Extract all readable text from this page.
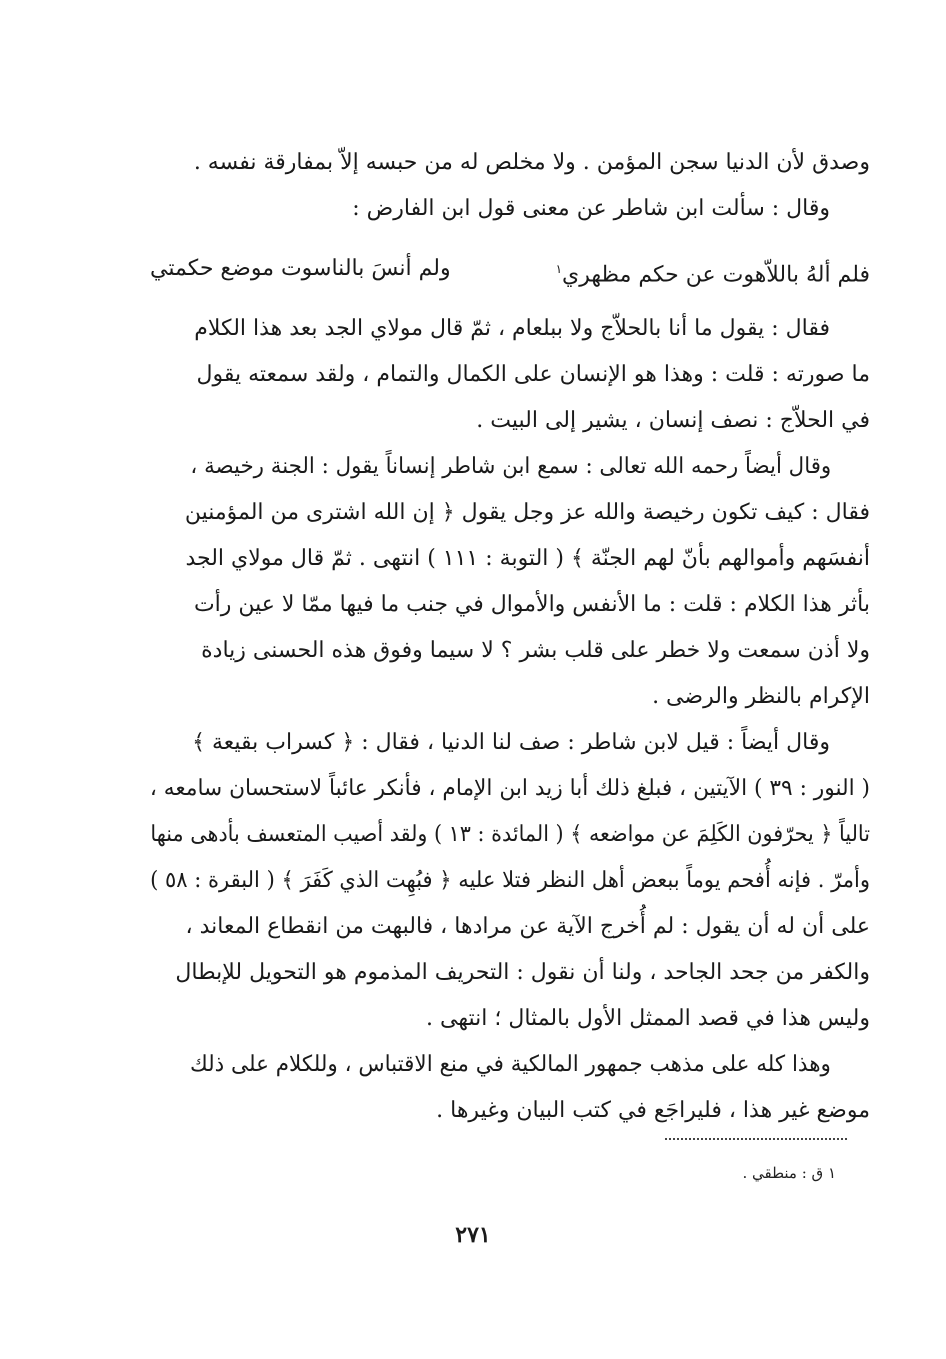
وصدق لأن الدنيا سجن المؤمن . ولا مخلص له من حبسه إلاّ بمفارقة نفسه .
وقال : سألت ابن شاطر عن معنى قول ابن الفارض :
فلم ألهُ باللاّهوت عن حكم مظهري$^١$
ولم أنسَ بالناسوت موضع حكمتي
فقال : يقول ما أنا بالحلاّج ولا ببلعام ، ثمّ قال مولاي الجد بعد هذا الكلام
ما صورته : قلت : وهذا هو الإنسان على الكمال والتمام ، ولقد سمعته يقول
في الحلاّج : نصف إنسان ، يشير إلى البيت .
وقال أيضاً رحمه الله تعالى : سمع ابن شاطر إنساناً يقول : الجنة رخيصة ،
فقال : كيف تكون رخيصة والله عز وجل يقول ﴿ إن الله اشترى من المؤمنين
أنفسَهم وأموالهم بأنّ لهم الجنّة ﴾ ( التوبة : ١١١ ) انتهى . ثمّ قال مولاي الجد
بأثر هذا الكلام : قلت : ما الأنفس والأموال في جنب ما فيها ممّا لا عين رأت
ولا أذن سمعت ولا خطر على قلب بشر ؟ لا سيما وفوق هذه الحسنى زيادة
الإكرام بالنظر والرضى .
وقال أيضاً : قيل لابن شاطر : صف لنا الدنيا ، فقال : ﴿ كسراب بقيعة ﴾
( النور : ٣٩ ) الآيتين ، فبلغ ذلك أبا زيد ابن الإمام ، فأنكر عائباً لاستحسان سامعه ،
تالياً ﴿ يحرّفون الكَلِمَ عن مواضعه ﴾ ( المائدة : ١٣ ) ولقد أصيب المتعسف بأدهى منها
وأمرّ . فإنه أُفحم يوماً ببعض أهل النظر فتلا عليه ﴿ فبُهِت الذي كَفَرَ ﴾ ( البقرة : ٥٨ )
على أن له أن يقول : لم أُخرج الآية عن مرادها ، فالبهت من انقطاع المعاند ،
والكفر من جحد الجاحد ، ولنا أن نقول : التحريف المذموم هو التحويل للإبطال
وليس هذا في قصد الممثل الأول بالمثال ؛ انتهى .
وهذا كله على مذهب جمهور المالكية في منع الاقتباس ، وللكلام على ذلك
موضع غير هذا ، فليراجَع في كتب البيان وغيرها .
١ ق : منطقي .
٢٧١
